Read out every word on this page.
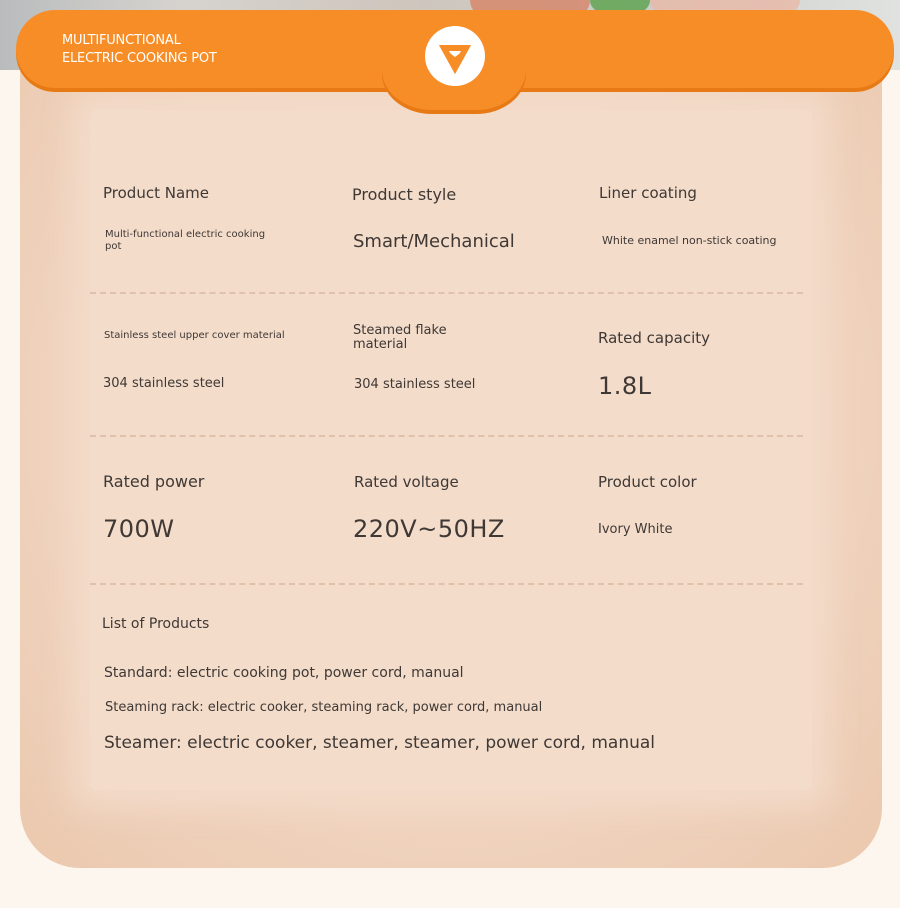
MULTIFUNCTIONAL
ELECTRIC COOKING POT
Product Name
Multi-functional electric cooking pot
Product style
Smart/Mechanical
Liner coating
White enamel non-stick coating
Stainless steel upper cover material
304 stainless steel
Steamed flake material
304 stainless steel
Rated capacity
1.8L
Rated power
700W
Rated voltage
220V~50HZ
Product color
Ivory White
List of Products
Standard: electric cooking pot, power cord, manual
Steaming rack: electric cooker, steaming rack, power cord, manual
Steamer: electric cooker, steamer, steamer, power cord, manual
